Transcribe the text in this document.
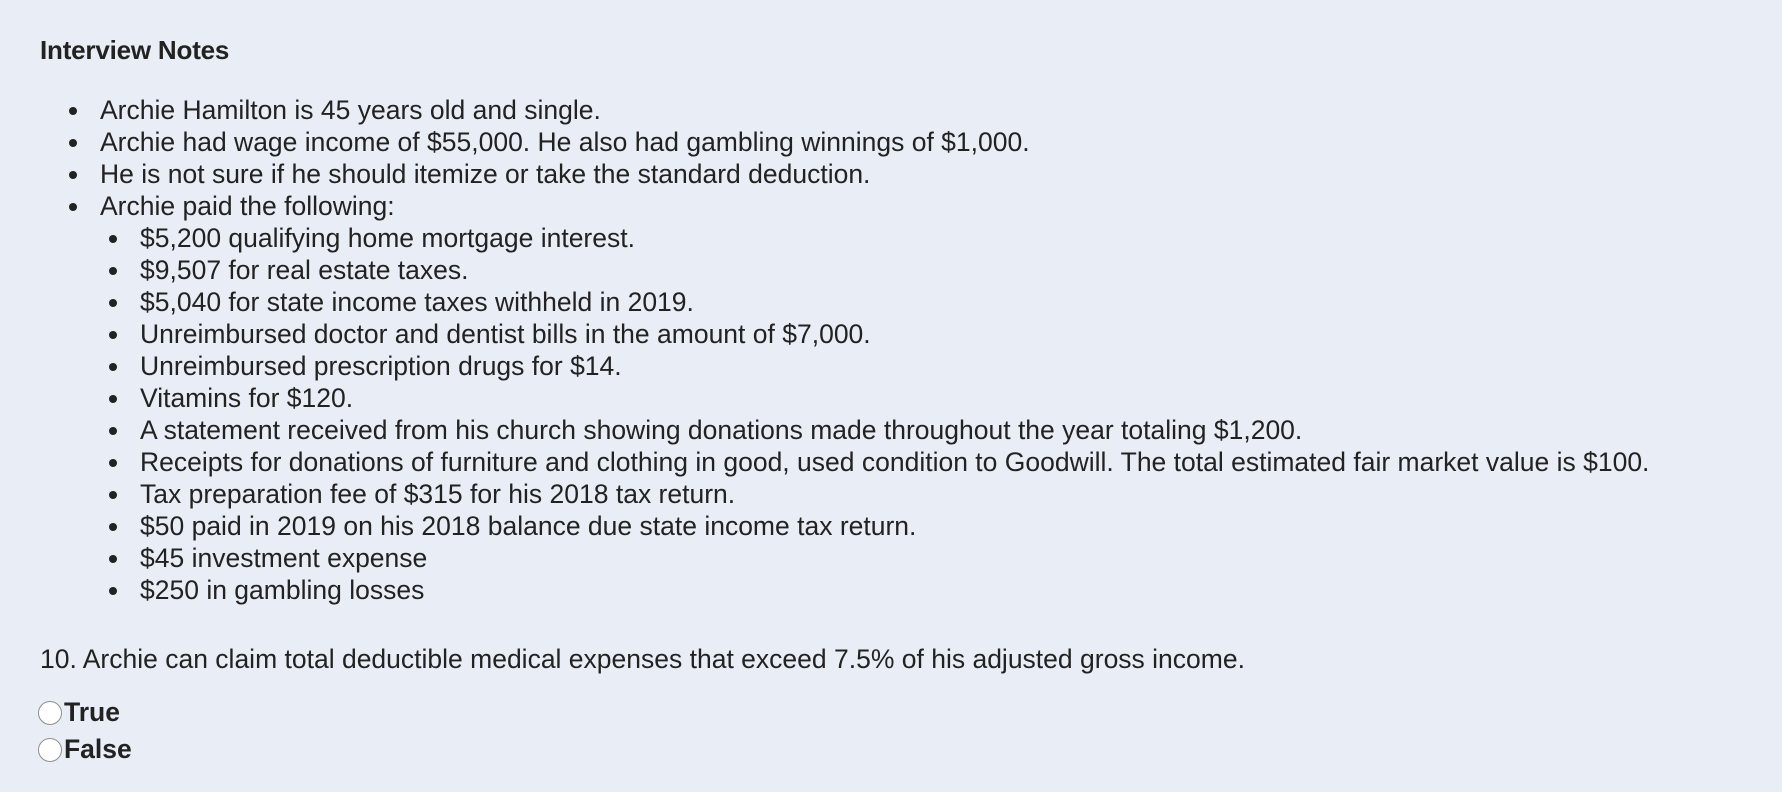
Interview Notes
Archie Hamilton is 45 years old and single.
Archie had wage income of $55,000. He also had gambling winnings of $1,000.
He is not sure if he should itemize or take the standard deduction.
Archie paid the following:
$5,200 qualifying home mortgage interest.
$9,507 for real estate taxes.
$5,040 for state income taxes withheld in 2019.
Unreimbursed doctor and dentist bills in the amount of $7,000.
Unreimbursed prescription drugs for $14.
Vitamins for $120.
A statement received from his church showing donations made throughout the year totaling $1,200.
Receipts for donations of furniture and clothing in good, used condition to Goodwill. The total estimated fair market value is $100.
Tax preparation fee of $315 for his 2018 tax return.
$50 paid in 2019 on his 2018 balance due state income tax return.
$45 investment expense
$250 in gambling losses

10. Archie can claim total deductible medical expenses that exceed 7.5% of his adjusted gross income.

True
False
